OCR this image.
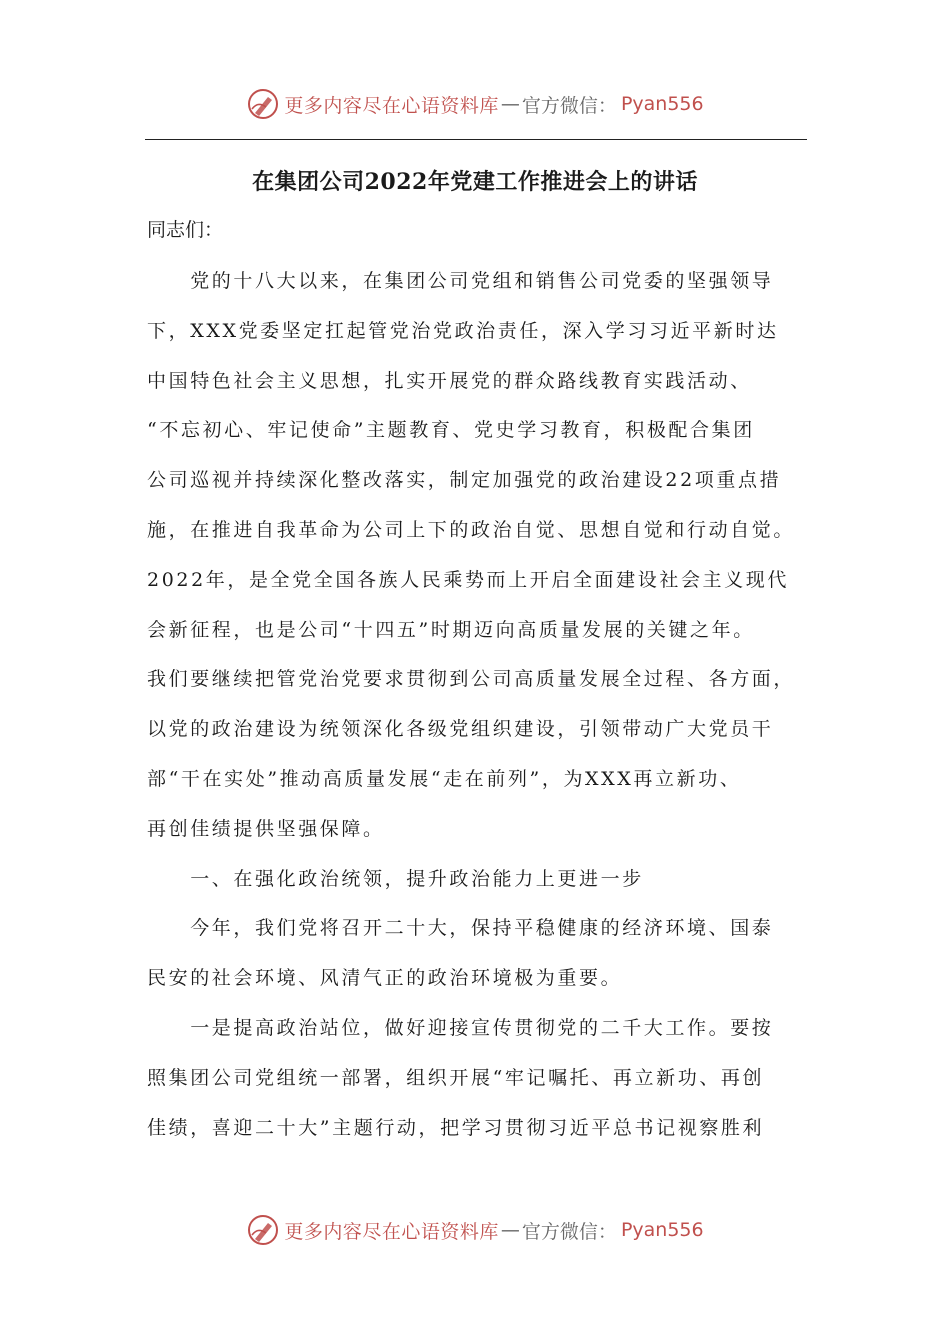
更多内容尽在心语资料库 — 官方微信： Pyan556
在集团公司2022年党建工作推进会上的讲话
同志们：
　　党的十八大以来，在集团公司党组和销售公司党委的坚强领导
下，XXX党委坚定扛起管党治党政治责任，深入学习习近平新时达
中国特色社会主义思想，扎实开展党的群众路线教育实践活动、
“不忘初心、牢记使命”主题教育、党史学习教育，积极配合集团
公司巡视并持续深化整改落实，制定加强党的政治建设22项重点措
施，在推进自我革命为公司上下的政治自觉、思想自觉和行动自觉。
2022年，是全党全国各族人民乘势而上开启全面建设社会主义现代
会新征程，也是公司“十四五”时期迈向高质量发展的关键之年。
我们要继续把管党治党要求贯彻到公司高质量发展全过程、各方面，
以党的政治建设为统领深化各级党组织建设，引领带动广大党员干
部“干在实处”推动高质量发展“走在前列”，为XXX再立新功、
再创佳绩提供坚强保障。
　　一、在强化政治统领，提升政治能力上更进一步
　　今年，我们党将召开二十大，保持平稳健康的经济环境、国泰
民安的社会环境、风清气正的政治环境极为重要。
　　一是提高政治站位，做好迎接宣传贯彻党的二千大工作。要按
照集团公司党组统一部署，组织开展“牢记嘱托、再立新功、再创
佳绩，喜迎二十大”主题行动，把学习贯彻习近平总书记视察胜利
更多内容尽在心语资料库 — 官方微信： Pyan556
